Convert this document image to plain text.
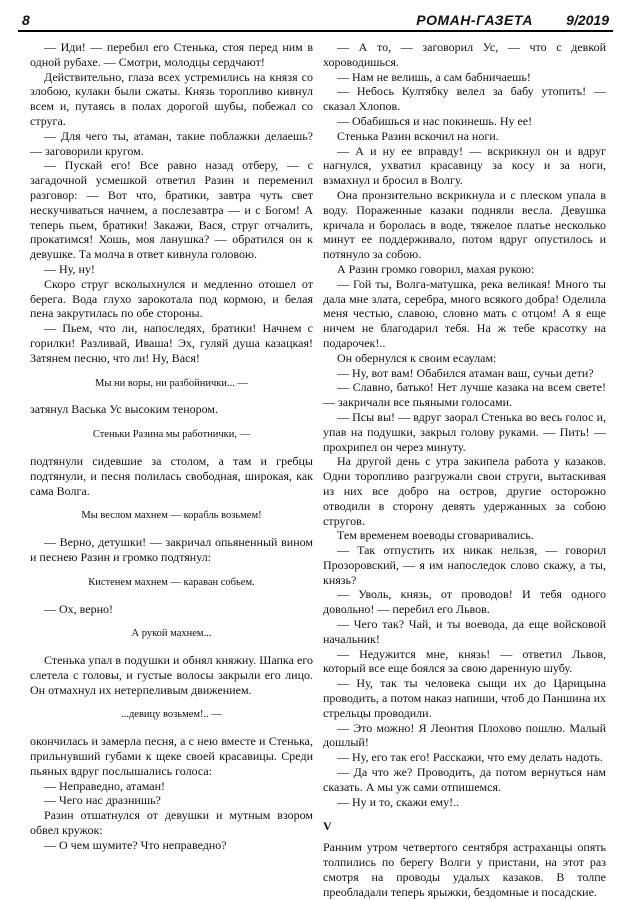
8	РОМАН-ГАЗЕТА 9/2019

— Иди! — перебил его Стенька, стоя перед ним в одной рубахе. — Смотри, молодцы сердчают!

Действительно, глаза всех устремились на князя со злобою, кулаки были сжаты. Князь торопливо кивнул всем и, путаясь в полах дорогой шубы, побежал со струга.

— Для чего ты, атаман, такие поблажки делаешь? — заговорили кругом.

— Пускай его! Все равно назад отберу, — с загадочной усмешкой ответил Разин и переменил разговор: — Вот что, братики, завтра чуть свет нескучиваться начнем, а послезавтра — и с Богом! А теперь пьем, братики! Закажи, Вася, струг отчалить, прокатимся! Хошь, моя ланушка? — обратился он к девушке. Та молча в ответ кивнула головою.

— Ну, ну!

Скоро струг всколыхнулся и медленно отошел от берега. Вода глухо зарокотала под кормою, и белая пена закрутилась по обе стороны.

— Пьем, что ли, напоследях, братики! Начнем с горилки! Разливай, Иваша! Эх, гуляй душа казацкая! Затянем песню, что ли! Ну, Вася!

Мы ни воры, ни разбойнички... —

затянул Васька Ус высоким тенором.

Стеньки Разина мы работнички, —

подтянули сидевшие за столом, а там и гребцы подтянули, и песня полилась свободная, широкая, как сама Волга.

Мы веслом махнем — корабль возьмем!

— Верно, детушки! — закричал опьяненный вином и песнею Разин и громко подтянул:

Кистенем махнем — караван собьем.

— Ох, верно!

А рукой махнем...

Стенька упал в подушки и обнял княжну. Шапка его слетела с головы, и густые волосы закрыли его лицо. Он отмахнул их нетерпеливым движением.

...девицу возьмем!.. —

окончилась и замерла песня, а с нею вместе и Стенька, прильнувший губами к щеке своей красавицы. Среди пьяных вдруг послышались голоса:

— Неправедно, атаман!

— Чего нас дразнишь?

Разин отшатнулся от девушки и мутным взором обвел кружок:

— О чем шумите? Что неправедно?

— А то, — заговорил Ус, — что с девкой хороводишься.

— Нам не велишь, а сам бабничаешь!

— Небось Култябку велел за бабу утопить! — сказал Хлопов.

— Обабишься и нас покинешь. Ну ее!

Стенька Разин вскочил на ноги.

— А и ну ее вправду! — вскрикнул он и вдруг нагнулся, ухватил красавицу за косу и за ноги, взмахнул и бросил в Волгу.

Она пронзительно вскрикнула и с плеском упала в воду. Пораженные казаки подняли весла. Девушка кричала и боролась в воде, тяжелое платье несколько минут ее поддерживало, потом вдруг опустилось и потянуло за собою.

А Разин громко говорил, махая рукою:

— Гой ты, Волга-матушка, река великая! Много ты дала мне злата, серебра, много всякого добра! Оделила меня честью, славою, словно мать с отцом! А я еще ничем не благодарил тебя. На ж тебе красотку на подарочек!..

Он обернулся к своим есаулам:

— Ну, вот вам! Обабился атаман ваш, сучьи дети?

— Славно, батько! Нет лучше казака на всем свете! — закричали все пьяными голосами.

— Псы вы! — вдруг заорал Стенька во весь голос и, упав на подушки, закрыл голову руками. — Пить! — прохрипел он через минуту.

На другой день с утра закипела работа у казаков. Одни торопливо разгружали свои струги, вытаскивая из них все добро на остров, другие осторожно отводили в сторону девять удержанных за собою стругов.

Тем временем воеводы сговаривались.

— Так отпустить их никак нельзя, — говорил Прозоровский, — я им напоследок слово скажу, а ты, князь?

— Уволь, князь, от проводов! И тебя одного довольно! — перебил его Львов.

— Чего так? Чай, и ты воевода, да еще войсковой начальник!

— Недужится мне, князь! — ответил Львов, который все еще боялся за свою даренную шубу.

— Ну, так ты человека сыщи их до Царицына проводить, а потом наказ напиши, чтоб до Паншина их стрельцы проводили.

— Это можно! Я Леонтия Плохово пошлю. Малый дошлый!

— Ну, его так его! Расскажи, что ему делать надоть.

— Да что же? Проводить, да потом вернуться нам сказать. А мы уж сами отпишемся.

— Ну и то, скажи ему!..

V

Ранним утром четвертого сентября астраханцы опять толпились по берегу Волги у пристани, на этот раз смотря на проводы удалых казаков. В толпе преобладали теперь ярыжки, бездомные и посадские.
